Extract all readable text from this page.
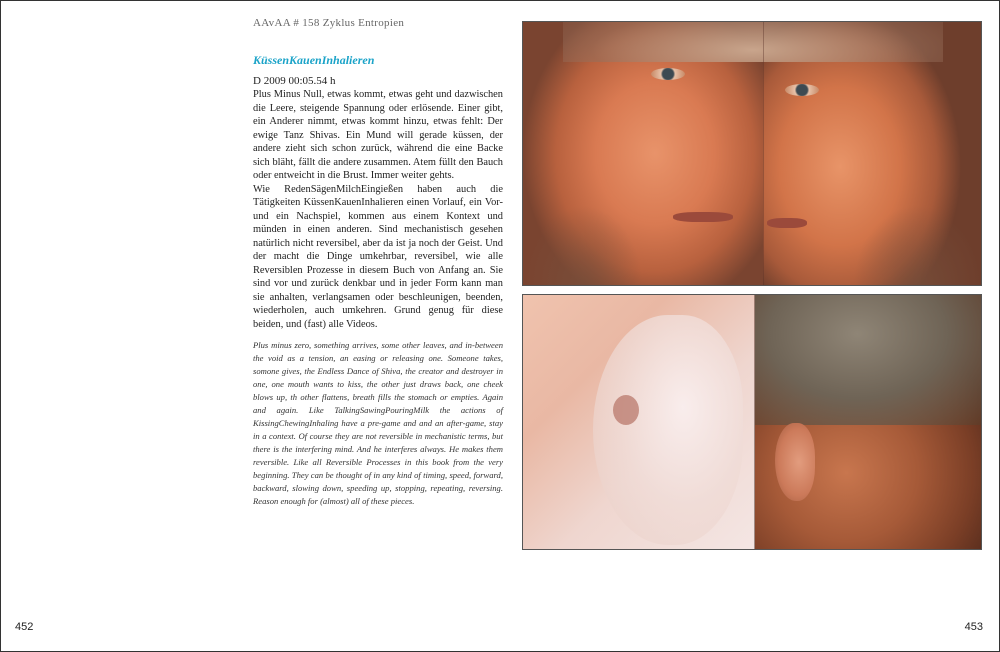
AAvAA # 158 Zyklus Entropien
KüssenKauenInhalieren
D 2009 00:05.54 h

Plus Minus Null, etwas kommt, etwas geht und dazwischen die Leere, steigende Spannung oder erlösende. Einer gibt, ein Anderer nimmt, etwas kommt hinzu, etwas fehlt: Der ewige Tanz Shivas. Ein Mund will gerade küssen, der andere zieht sich schon zurück, während die eine Backe sich bläht, fällt die andere zusammen. Atem füllt den Bauch oder entweicht in die Brust. Immer weiter gehts.

Wie RedenSägenMilchEingießen haben auch die Tätigkeiten KüssenKauenInhalieren einen Vorlauf, ein Vor- und ein Nachspiel, kommen aus einem Kontext und münden in einen anderen. Sind mechanistisch gesehen natürlich nicht reversibel, aber da ist ja noch der Geist. Und der macht die Dinge umkehrbar, reversibel, wie alle Reversiblen Prozesse in diesem Buch von Anfang an. Sie sind vor und zurück denkbar und in jeder Form kann man sie anhalten, verlangsamen oder beschleunigen, beenden, wiederholen, auch umkehren. Grund genug für diese beiden, und (fast) alle Videos.

Plus minus zero, something arrives, some other leaves, and in-between the void as a tension, an easing or releasing one. Someone takes, somone gives, the Endless Dance of Shiva, the creator and destroyer in one, one mouth wants to kiss, the other just draws back, one cheek blows up, th other flattens, breath fills the stomach or empties. Again and again. Like TalkingSawingPouringMilk the actions of KissingChewingInhaling have a pre-game and and an after-game, stay in a context. Of course they are not reversible in mechanistic terms, but there is the interfering mind. And he interferes always. He makes them reversible. Like all Reversible Processes in this book from the very beginning. They can be thought of in any kind of timing, speed, forward, backward, slowing down, speeding up, stopping, repeating, reversing. Reason enough for (almost) all of these pieces.
452	453
